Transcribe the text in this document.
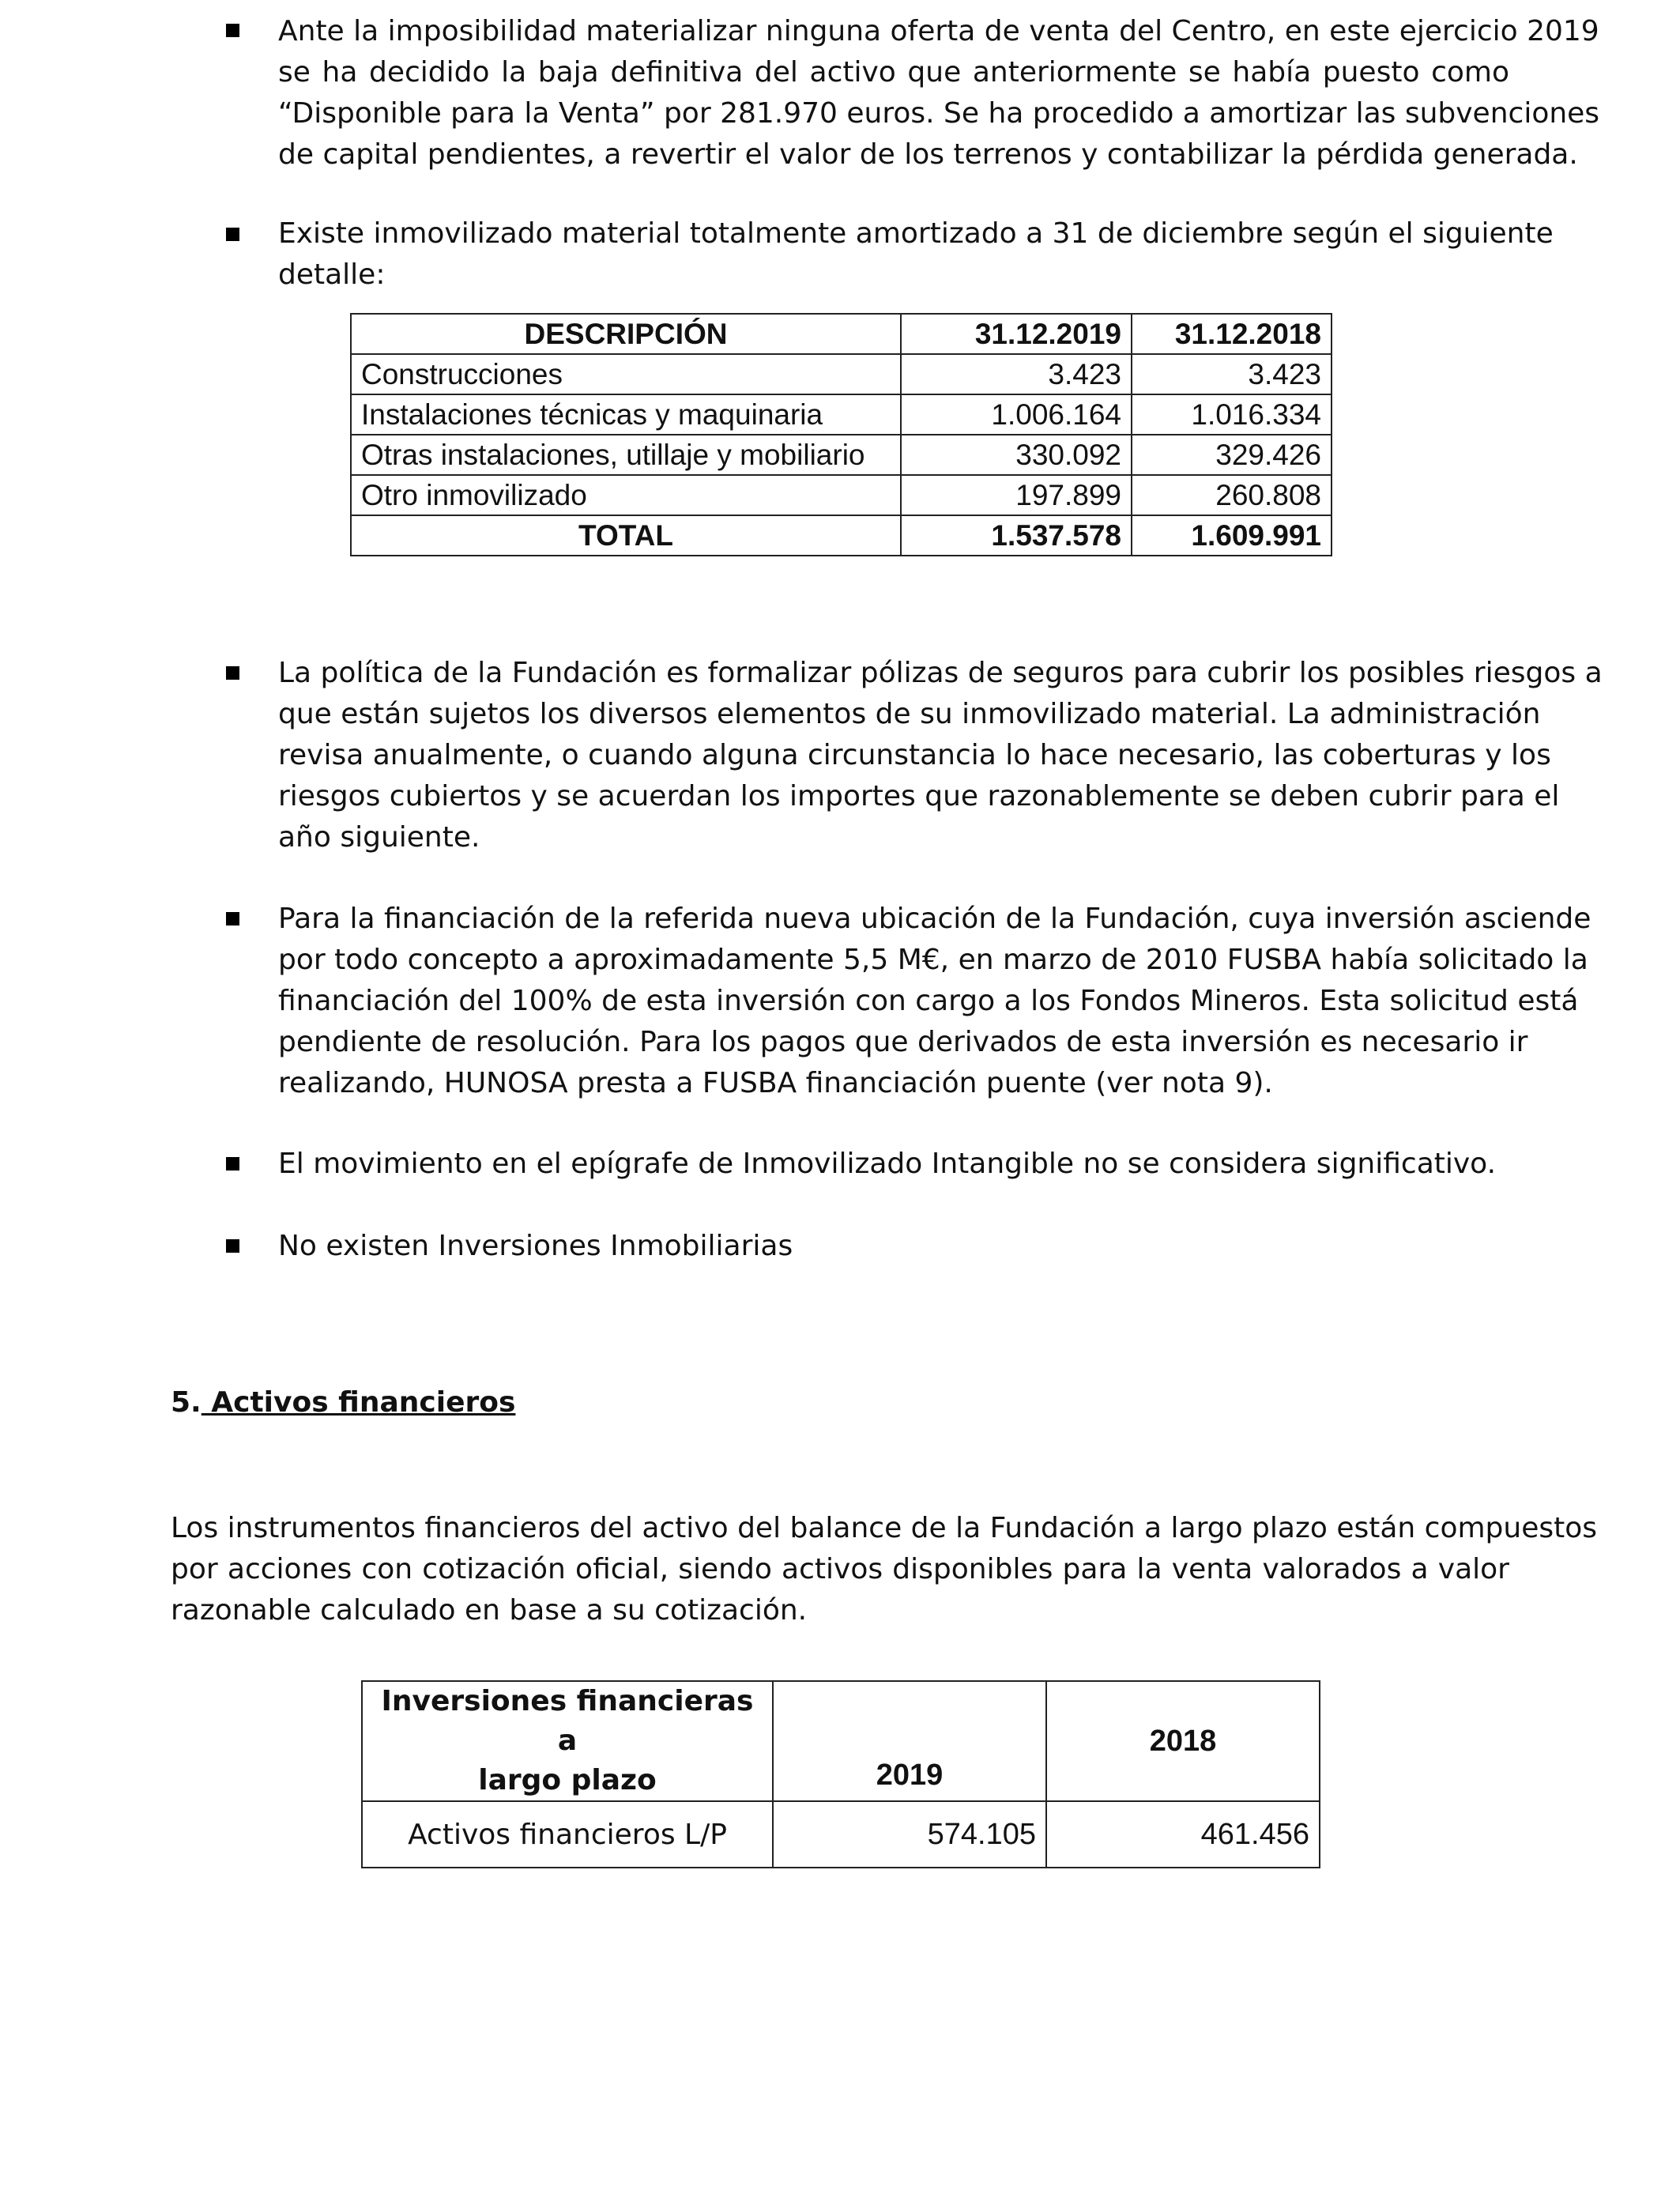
Ante la imposibilidad materializar ninguna oferta de venta del Centro, en este ejercicio 2019
se ha decidido la baja definitiva del activo que anteriormente se había puesto como
“Disponible para la Venta” por 281.970 euros. Se ha procedido a amortizar las subvenciones
de capital pendientes, a revertir el valor de los terrenos y contabilizar la pérdida generada.
Existe inmovilizado material totalmente amortizado a 31 de diciembre según el siguiente
detalle:
DESCRIPCIÓN	31.12.2019	31.12.2018
Construcciones	3.423	3.423
Instalaciones técnicas y maquinaria	1.006.164	1.016.334
Otras instalaciones, utillaje y mobiliario	330.092	329.426
Otro inmovilizado	197.899	260.808
TOTAL	1.537.578	1.609.991
La política de la Fundación es formalizar pólizas de seguros para cubrir los posibles riesgos a
que están sujetos los diversos elementos de su inmovilizado material. La administración
revisa anualmente, o cuando alguna circunstancia lo hace necesario, las coberturas y los
riesgos cubiertos y se acuerdan los importes que razonablemente se deben cubrir para el
año siguiente.
Para la financiación de la referida nueva ubicación de la Fundación, cuya inversión asciende
por todo concepto a aproximadamente 5,5 M€, en marzo de 2010 FUSBA había solicitado la
financiación del 100% de esta inversión con cargo a los Fondos Mineros. Esta solicitud está
pendiente de resolución. Para los pagos que derivados de esta inversión es necesario ir
realizando, HUNOSA presta a FUSBA financiación puente (ver nota 9).
El movimiento en el epígrafe de Inmovilizado Intangible no se considera significativo.
No existen Inversiones Inmobiliarias
5. Activos financieros
Los instrumentos financieros del activo del balance de la Fundación a largo plazo están compuestos
por acciones con cotización oficial, siendo activos disponibles para la venta valorados a valor
razonable calculado en base a su cotización.
Inversiones financieras a
largo plazo	2019	2018
Activos financieros L/P	574.105	461.456
